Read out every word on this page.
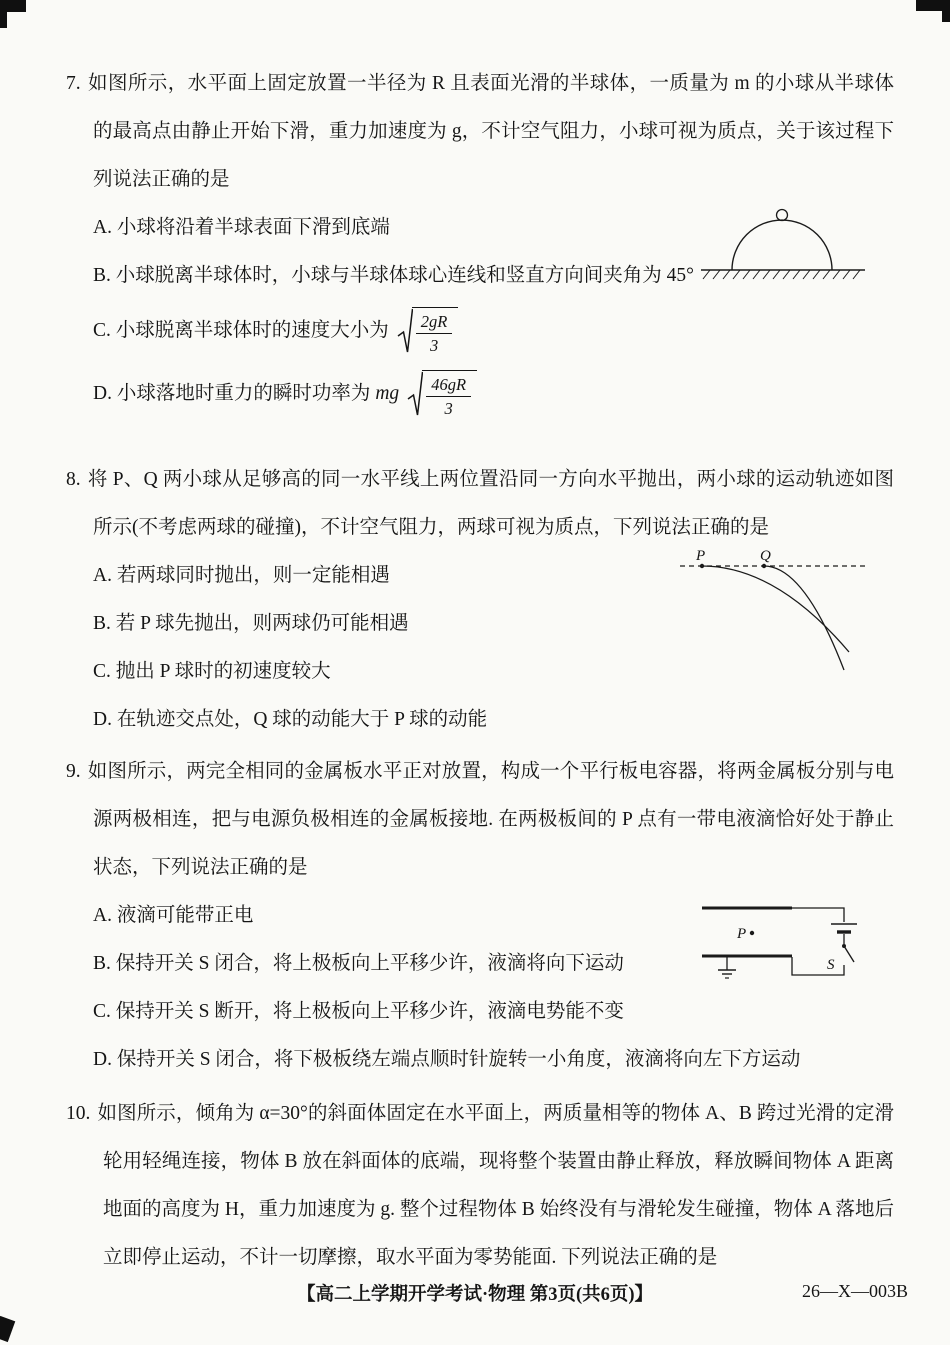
7. 如图所示，水平面上固定放置一半径为 R 且表面光滑的半球体，一质量为 m 的小球从半球体的最高点由静止开始下滑，重力加速度为 g，不计空气阻力，小球可视为质点，关于该过程下列说法正确的是
A. 小球将沿着半球表面下滑到底端
B. 小球脱离半球体时，小球与半球体球心连线和竖直方向间夹角为 45°
C. 小球脱离半球体时的速度大小为	2gR
3
D. 小球落地时重力的瞬时功率为 mg	46gR
3
8. 将 P、Q 两小球从足够高的同一水平线上两位置沿同一方向水平抛出，两小球的运动轨迹如图所示(不考虑两球的碰撞)，不计空气阻力，两球可视为质点，下列说法正确的是
A. 若两球同时抛出，则一定能相遇
B. 若 P 球先抛出，则两球仍可能相遇
C. 抛出 P 球时的初速度较大
D. 在轨迹交点处，Q 球的动能大于 P 球的动能
P	Q
9. 如图所示，两完全相同的金属板水平正对放置，构成一个平行板电容器，将两金属板分别与电源两极相连，把与电源负极相连的金属板接地. 在两极板间的 P 点有一带电液滴恰好处于静止状态，下列说法正确的是
A. 液滴可能带正电
B. 保持开关 S 闭合，将上极板向上平移少许，液滴将向下运动
C. 保持开关 S 断开，将上极板向上平移少许，液滴电势能不变
D. 保持开关 S 闭合，将下极板绕左端点顺时针旋转一小角度，液滴将向左下方运动
P
S
10. 如图所示，倾角为 α=30°的斜面体固定在水平面上，两质量相等的物体 A、B 跨过光滑的定滑轮用轻绳连接，物体 B 放在斜面体的底端，现将整个装置由静止释放，释放瞬间物体 A 距离地面的高度为 H，重力加速度为 g. 整个过程物体 B 始终没有与滑轮发生碰撞，物体 A 落地后立即停止运动，不计一切摩擦，取水平面为零势能面. 下列说法正确的是
【高二上学期开学考试·物理 第3页(共6页)】	26—X—003B
